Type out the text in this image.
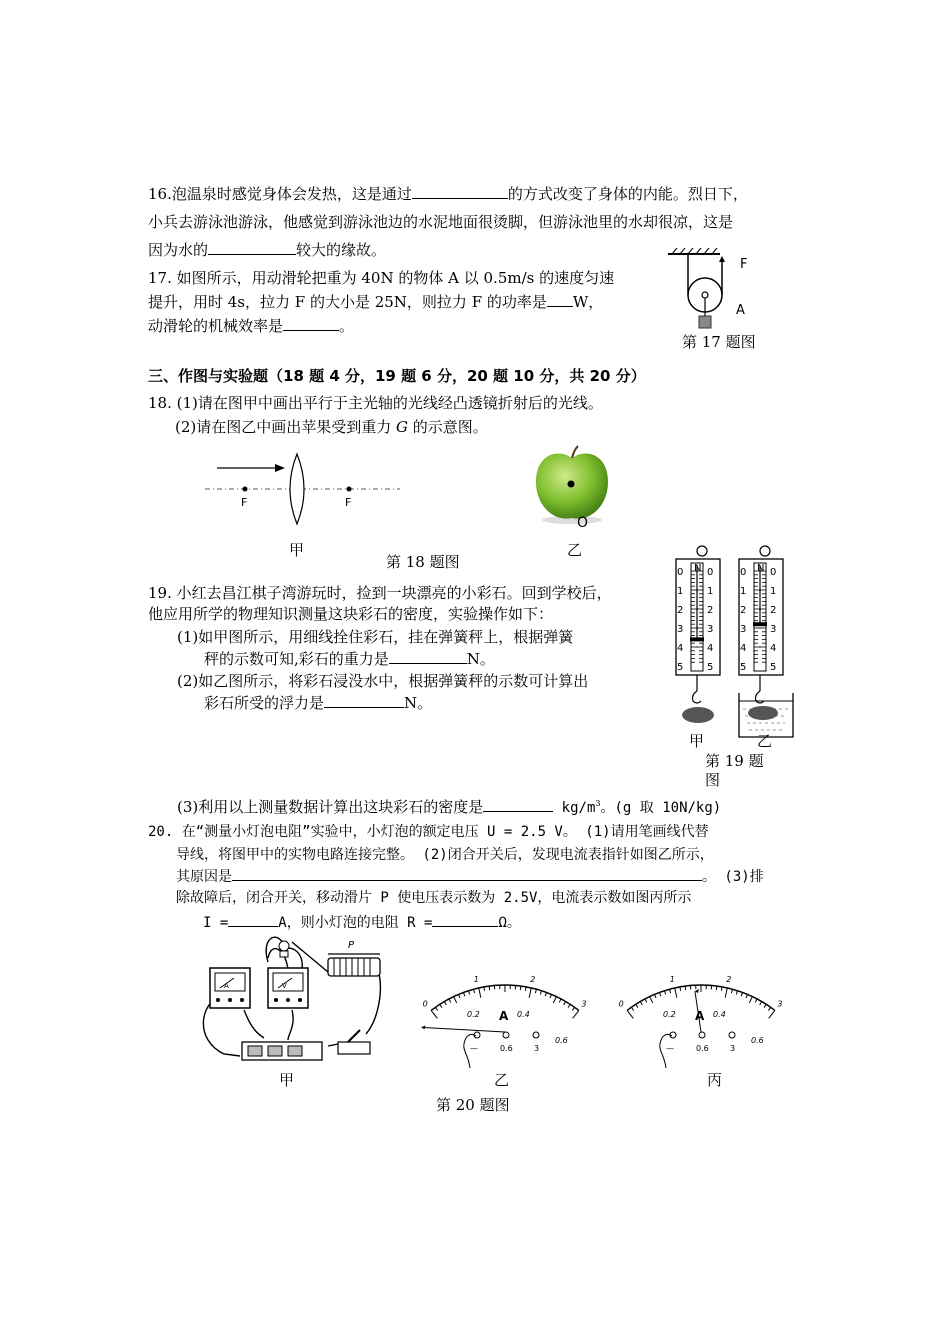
16.泡温泉时感觉身体会发热，这是通过	的方式改变了身体的内能。烈日下，
小兵去游泳池游泳，他感觉到游泳池边的水泥地面很烫脚，但游泳池里的水却很凉，这是
因为水的	较大的缘故。
17. 如图所示，用动滑轮把重为 40N 的物体 A 以 0.5m/s 的速度匀速
提升，用时 4s，拉力 F 的大小是 25N，则拉力 F 的功率是 W，
动滑轮的机械效率是	。
F
A
第 17 题图
三、作图与实验题（18 题 4 分，19 题 6 分，20 题 10 分，共 20 分）
18. (1)请在图甲中画出平行于主光轴的光线经凸透镜折射后的光线。
(2)请在图乙中画出苹果受到重力 G 的示意图。
F	F
甲
O
乙
第 18 题图
19. 小红去昌江棋子湾游玩时，捡到一块漂亮的小彩石。回到学校后，
他应用所学的物理知识测量这块彩石的密度，实验操作如下：
(1)如甲图所示，用细线拴住彩石，挂在弹簧秤上，根据弹簧
秤的示数可知,彩石的重力是	N。
(2)如乙图所示，将彩石浸没水中，根据弹簧秤的示数可计算出
彩石所受的浮力是	N。
N
0 0
1 1
2 2
3 3
4 4
5 5
N
0 0
1 1
2 2
3 3
4 4
5 5
甲	乙
第 19 题
图
(3)利用以上测量数据计算出这块彩石的密度是	$kg/m^3$。(g 取 10N/kg)
20. 在“测量小灯泡电阻”实验中，小灯泡的额定电压 U = 2.5 V。 (1)请用笔画线代替
导线，将图甲中的实物电路连接完整。 (2)闭合开关后，发现电流表指针如图乙所示，
其原因是	。 (3)排
除故障后，闭合开关，移动滑片 P 使电压表示数为 2.5V，电流表示数如图丙所示
I =	A，则小灯泡的电阻 R =	Ω。
A	V
P
甲
0
1	2
3
0.2	0.4
0.6
A
—	0.6	3
乙
0
1	2
3
0.2	0.4
0.6
A
—	0.6	3
丙
第 20 题图
